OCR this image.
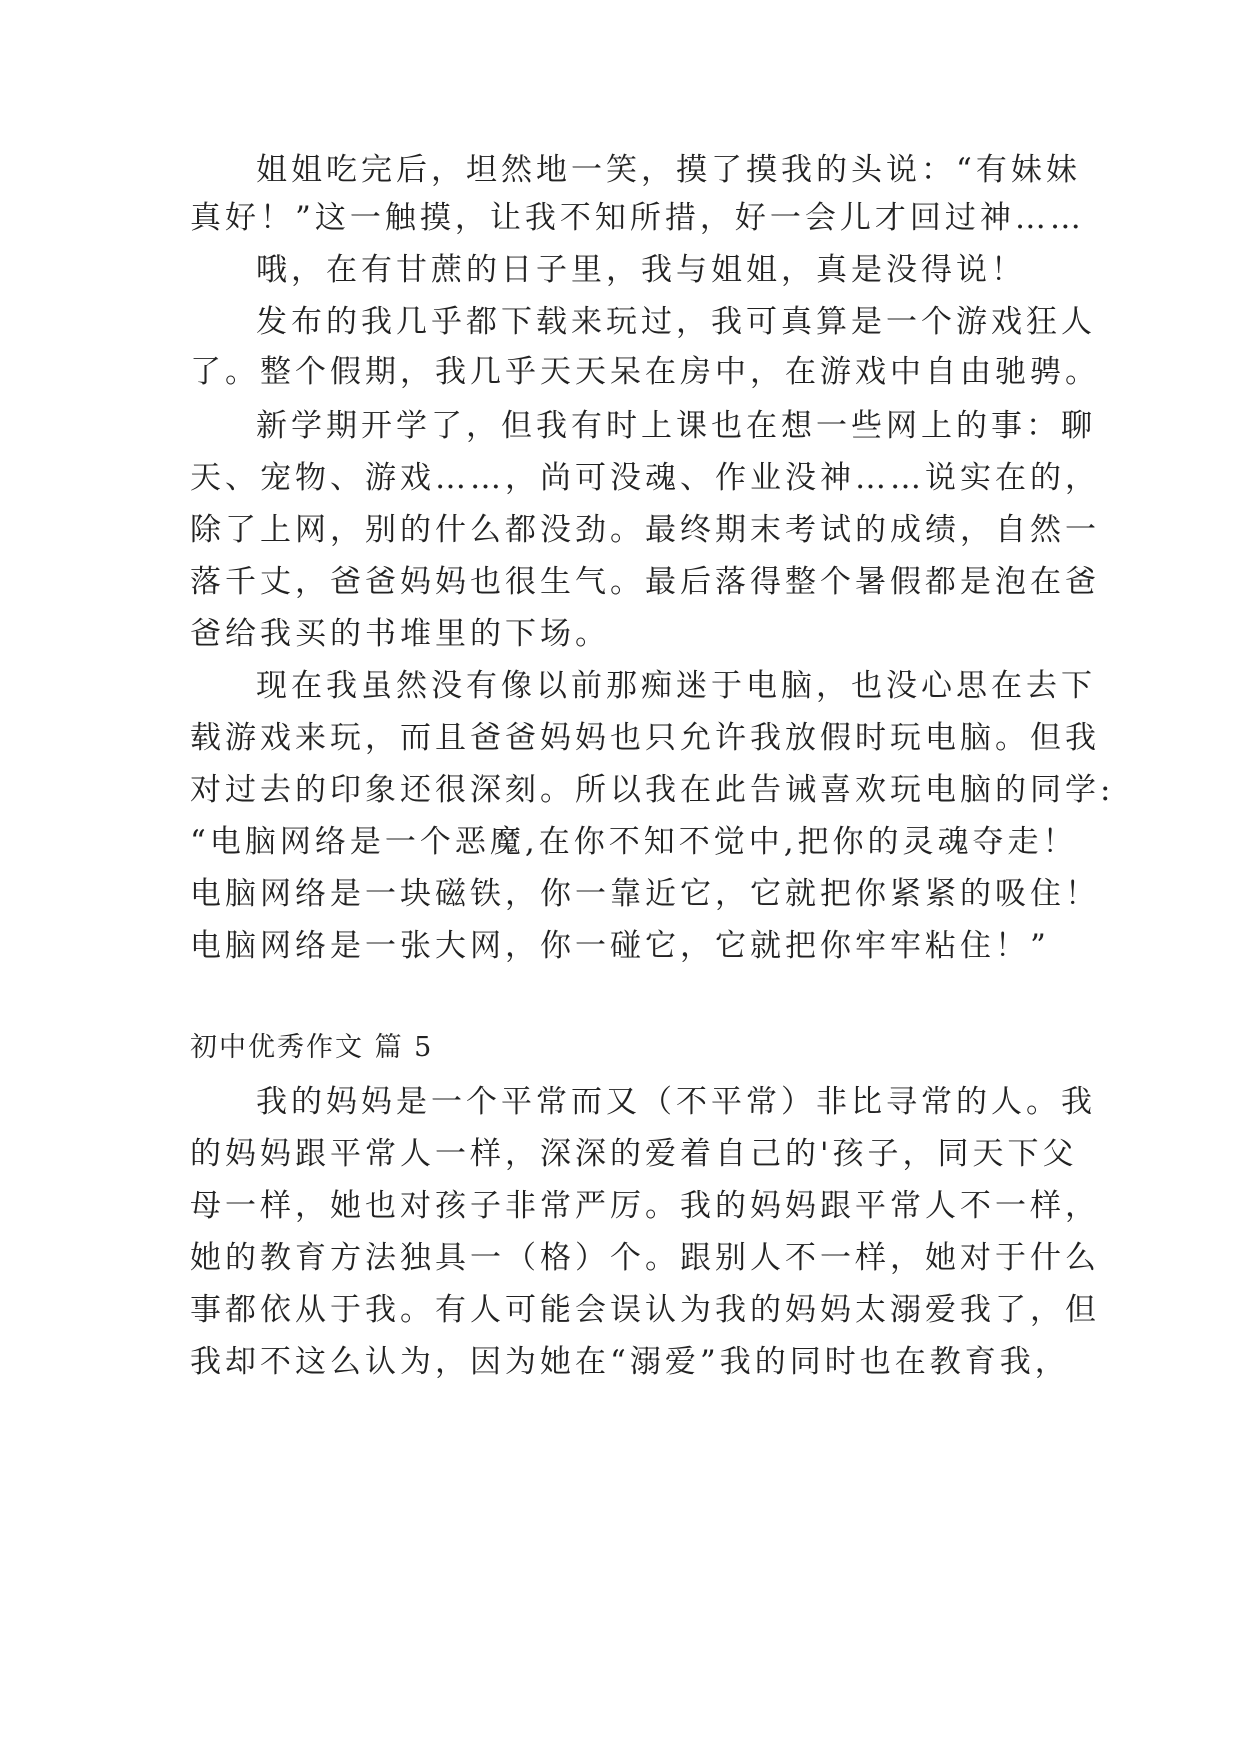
姐姐吃完后，坦然地一笑，摸了摸我的头说：“有妹妹
真好！”这一触摸，让我不知所措，好一会儿才回过神……
哦，在有甘蔗的日子里，我与姐姐，真是没得说！
发布的我几乎都下载来玩过，我可真算是一个游戏狂人
了。整个假期，我几乎天天呆在房中，在游戏中自由驰骋。
新学期开学了，但我有时上课也在想一些网上的事：聊
天、宠物、游戏……，尚可没魂、作业没神……说实在的，
除了上网，别的什么都没劲。最终期末考试的成绩，自然一
落千丈，爸爸妈妈也很生气。最后落得整个暑假都是泡在爸
爸给我买的书堆里的下场。
现在我虽然没有像以前那痴迷于电脑，也没心思在去下
载游戏来玩，而且爸爸妈妈也只允许我放假时玩电脑。但我
对过去的印象还很深刻。所以我在此告诫喜欢玩电脑的同学:
“电脑网络是一个恶魔,在你不知不觉中,把你的灵魂夺走！
电脑网络是一块磁铁，你一靠近它，它就把你紧紧的吸住！
电脑网络是一张大网，你一碰它，它就把你牢牢粘住！”
初中优秀作文 篇 5
我的妈妈是一个平常而又（不平常）非比寻常的人。我
的妈妈跟平常人一样，深深的爱着自己的'孩子，同天下父
母一样，她也对孩子非常严厉。我的妈妈跟平常人不一样，
她的教育方法独具一（格）个。跟别人不一样，她对于什么
事都依从于我。有人可能会误认为我的妈妈太溺爱我了，但
我却不这么认为，因为她在“溺爱”我的同时也在教育我，
